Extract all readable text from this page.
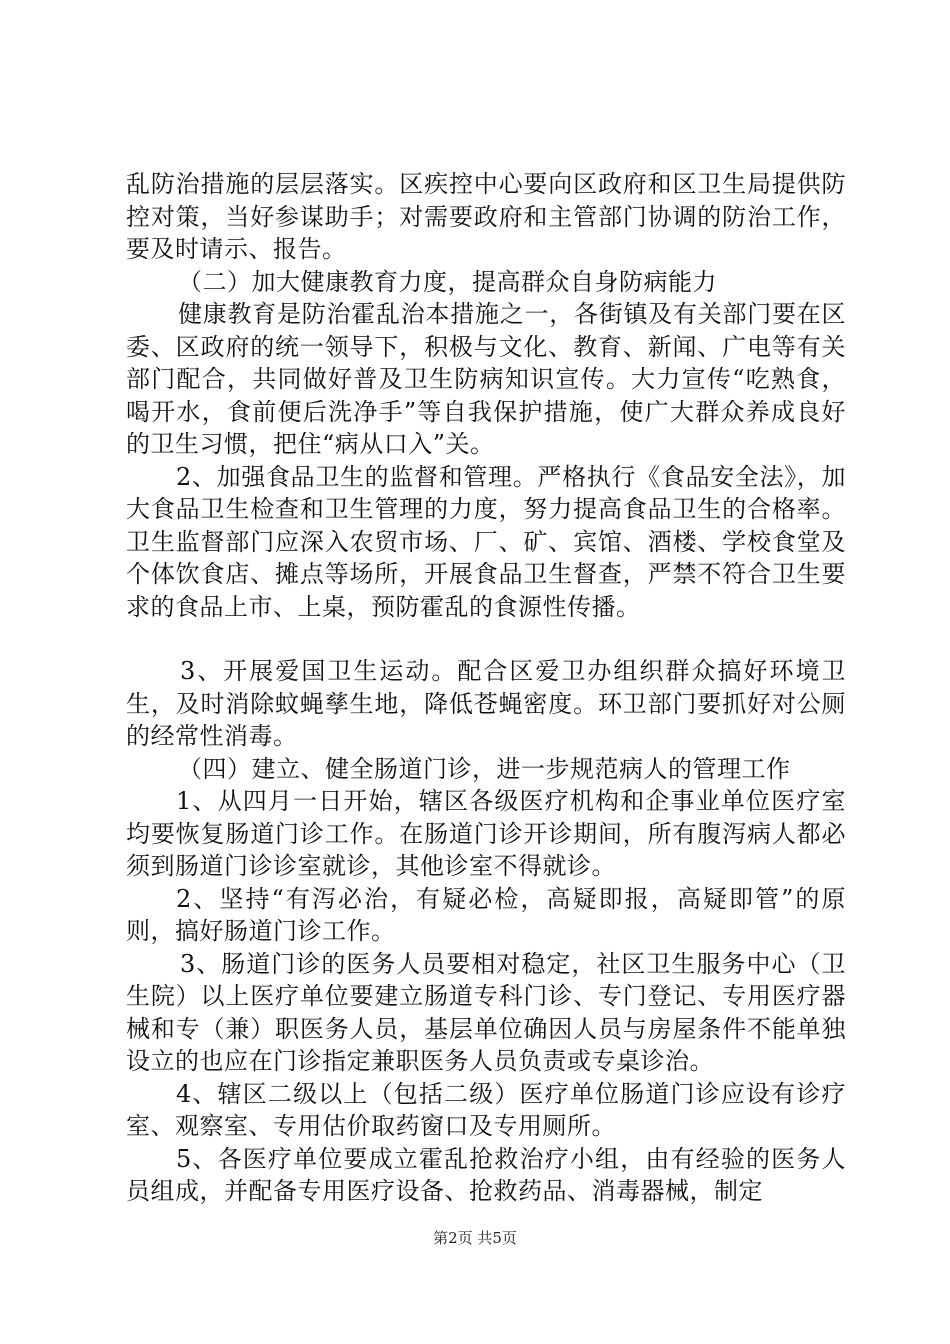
乱防治措施的层层落实。区疾控中心要向区政府和区卫生局提供防控对策，当好参谋助手；对需要政府和主管部门协调的防治工作，要及时请示、报告。

（二）加大健康教育力度，提高群众自身防病能力

健康教育是防治霍乱治本措施之一，各街镇及有关部门要在区委、区政府的统一领导下，积极与文化、教育、新闻、广电等有关部门配合，共同做好普及卫生防病知识宣传。大力宣传“吃熟食，喝开水，食前便后洗净手”等自我保护措施，使广大群众养成良好的卫生习惯，把住“病从口入”关。

2、加强食品卫生的监督和管理。严格执行《食品安全法》，加大食品卫生检查和卫生管理的力度，努力提高食品卫生的合格率。卫生监督部门应深入农贸市场、厂、矿、宾馆、酒楼、学校食堂及个体饮食店、摊点等场所，开展食品卫生督查，严禁不符合卫生要求的食品上市、上桌，预防霍乱的食源性传播。

3、开展爱国卫生运动。配合区爱卫办组织群众搞好环境卫生，及时消除蚊蝇孳生地，降低苍蝇密度。环卫部门要抓好对公厕的经常性消毒。

（四）建立、健全肠道门诊，进一步规范病人的管理工作

1、从四月一日开始，辖区各级医疗机构和企事业单位医疗室均要恢复肠道门诊工作。在肠道门诊开诊期间，所有腹泻病人都必须到肠道门诊诊室就诊，其他诊室不得就诊。

2、坚持“有泻必治，有疑必检，高疑即报，高疑即管”的原则，搞好肠道门诊工作。

3、肠道门诊的医务人员要相对稳定，社区卫生服务中心（卫生院）以上医疗单位要建立肠道专科门诊、专门登记、专用医疗器械和专（兼）职医务人员，基层单位确因人员与房屋条件不能单独设立的也应在门诊指定兼职医务人员负责或专桌诊治。

4、辖区二级以上（包括二级）医疗单位肠道门诊应设有诊疗室、观察室、专用估价取药窗口及专用厕所。

5、各医疗单位要成立霍乱抢救治疗小组，由有经验的医务人员组成，并配备专用医疗设备、抢救药品、消毒器械，制定

第2页 共5页
